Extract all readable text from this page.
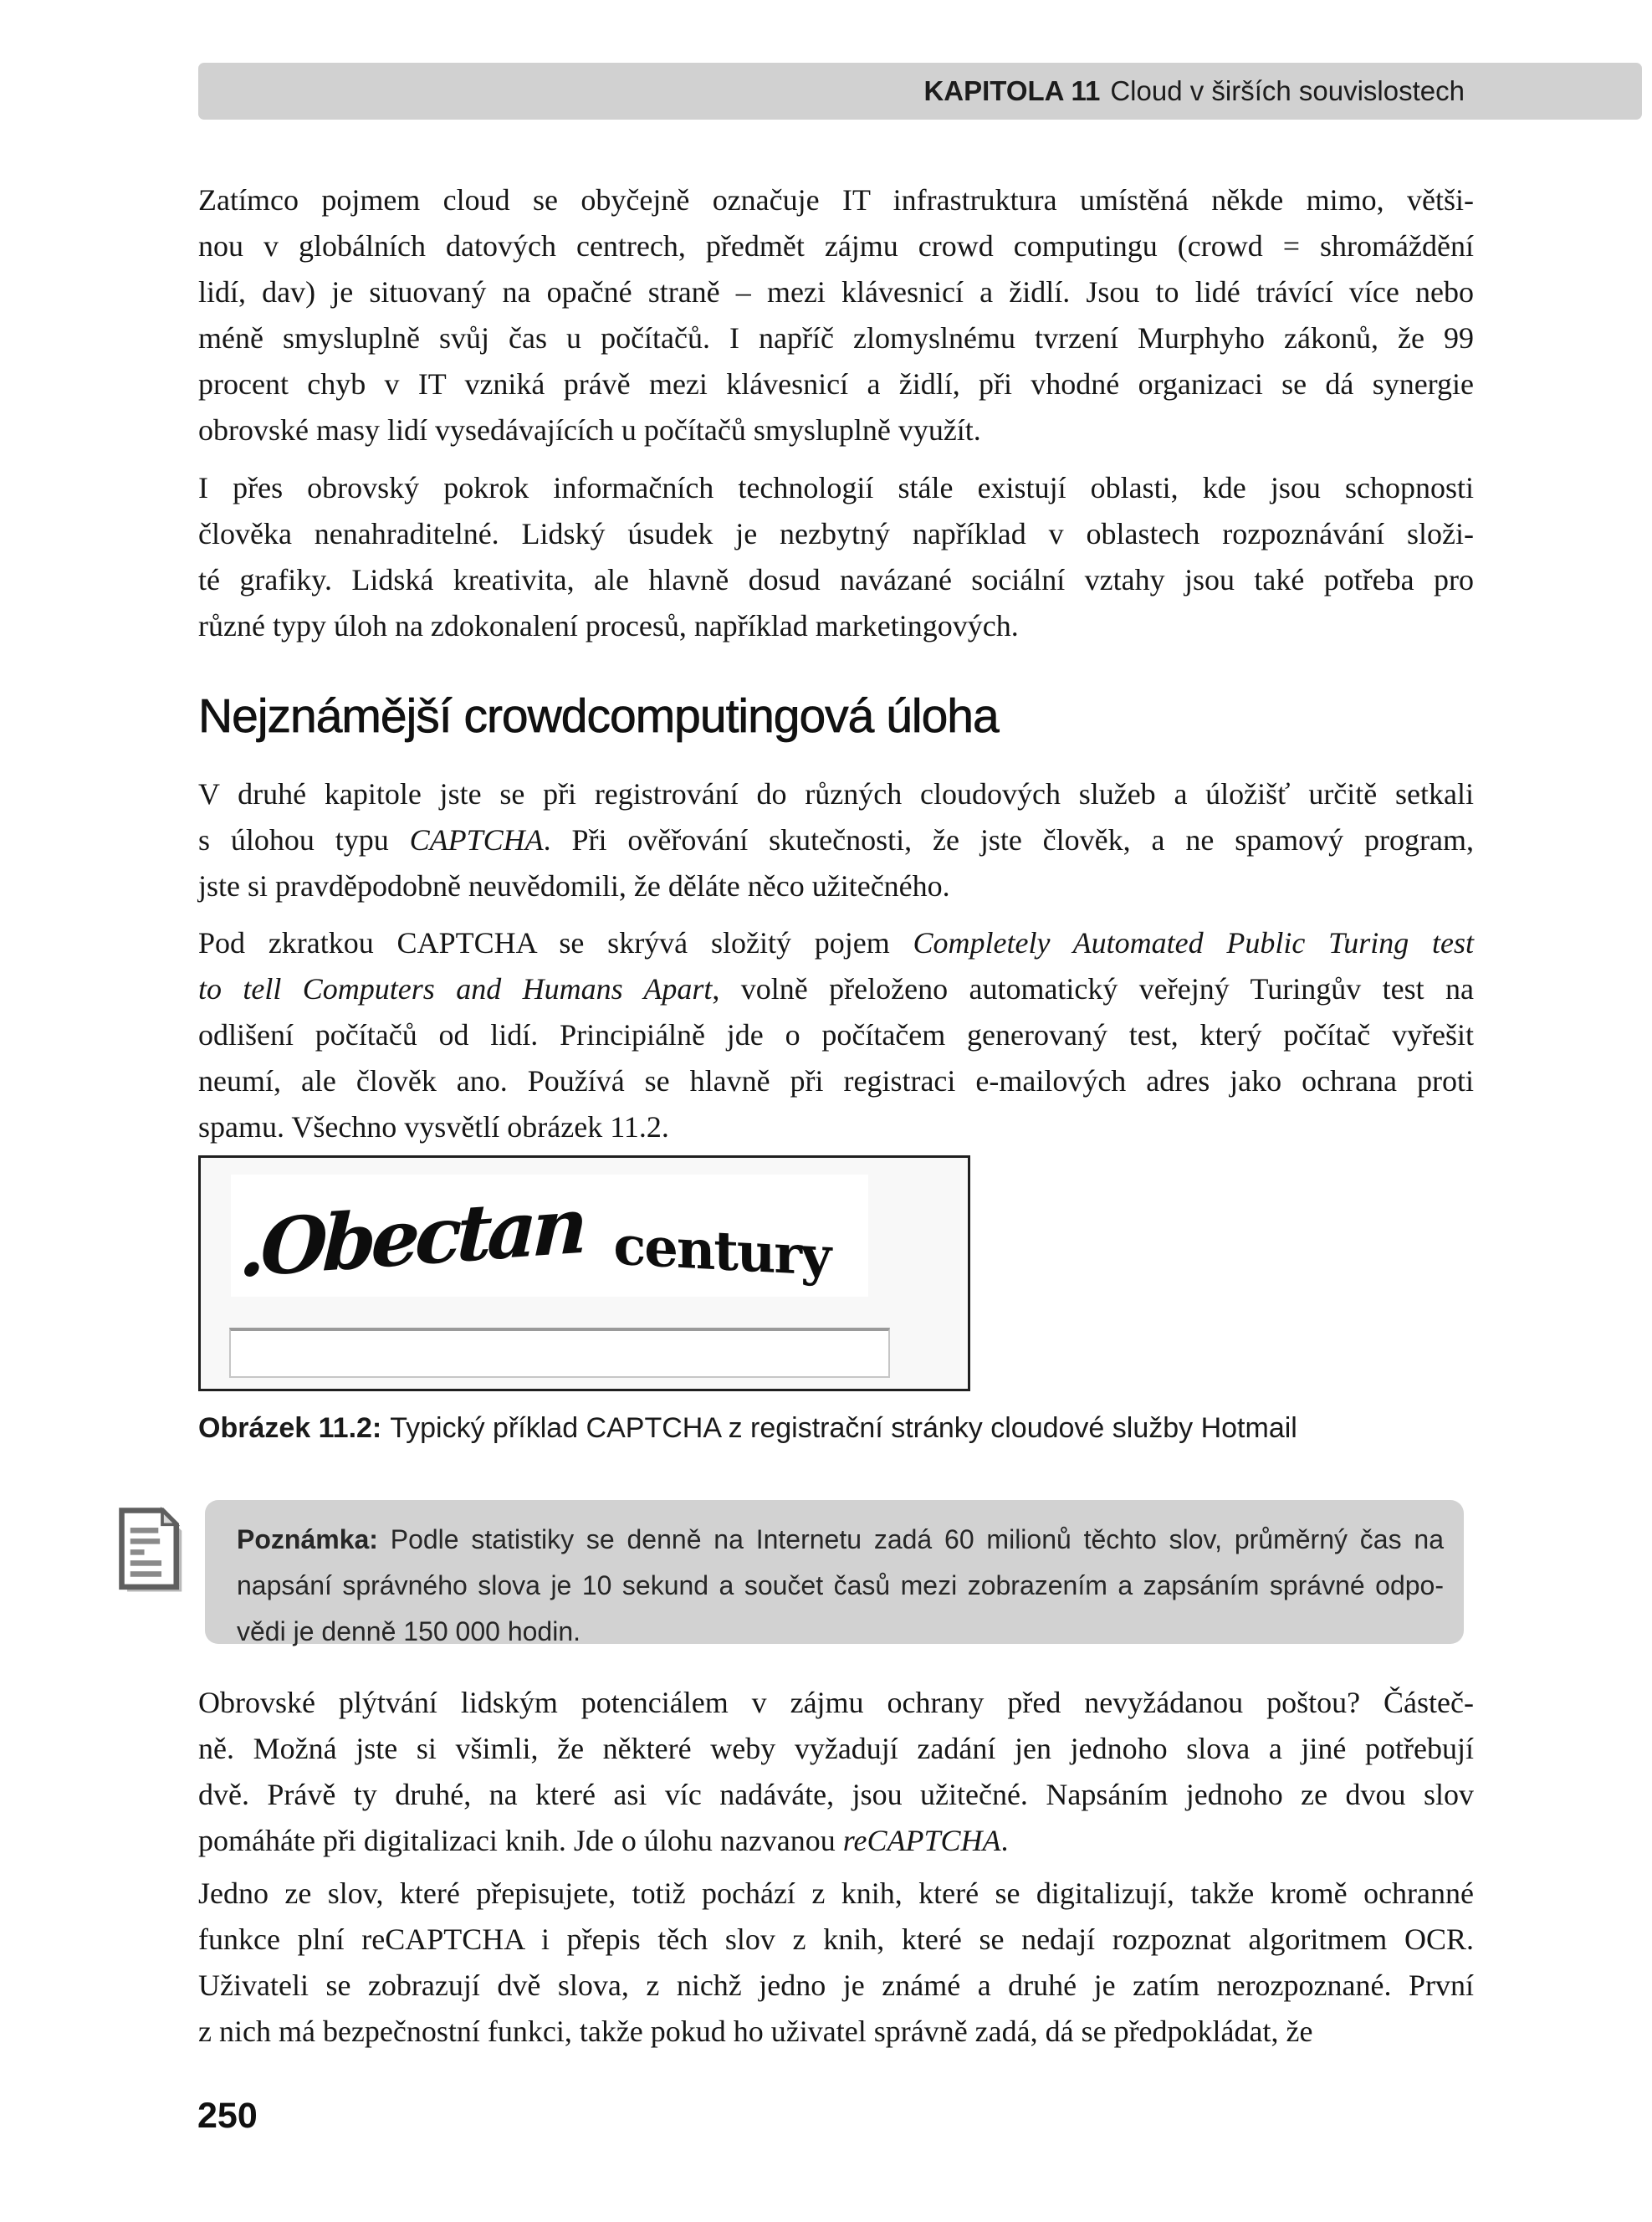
KAPITOLA 11 Cloud v širších souvislostech
Zatímco pojmem cloud se obyčejně označuje IT infrastruktura umístěná někde mimo, větši-
nou v globálních datových centrech, předmět zájmu crowd computingu (crowd = shromáždění
lidí, dav) je situovaný na opačné straně – mezi klávesnicí a židlí. Jsou to lidé trávící více nebo
méně smysluplně svůj čas u počítačů. I napříč zlomyslnému tvrzení Murphyho zákonů, že 99
procent chyb v IT vzniká právě mezi klávesnicí a židlí, při vhodné organizaci se dá synergie
obrovské masy lidí vysedávajících u počítačů smysluplně využít.
I přes obrovský pokrok informačních technologií stále existují oblasti, kde jsou schopnosti
člověka nenahraditelné. Lidský úsudek je nezbytný například v oblastech rozpoznávání složi-
té grafiky. Lidská kreativita, ale hlavně dosud navázané sociální vztahy jsou také potřeba pro
různé typy úloh na zdokonalení procesů, například marketingových.
Nejznámější crowdcomputingová úloha
V druhé kapitole jste se při registrování do různých cloudových služeb a úložišť určitě setkali
s úlohou typu CAPTCHA. Při ověřování skutečnosti, že jste člověk, a ne spamový program,
jste si pravděpodobně neuvědomili, že děláte něco užitečného.
Pod zkratkou CAPTCHA se skrývá složitý pojem Completely Automated Public Turing test
to tell Computers and Humans Apart, volně přeloženo automatický veřejný Turingův test na
odlišení počítačů od lidí. Principiálně jde o počítačem generovaný test, který počítač vyřešit
neumí, ale člověk ano. Používá se hlavně při registraci e-mailových adres jako ochrana proti
spamu. Všechno vysvětlí obrázek 11.2.
.Obectan century
Obrázek 11.2: Typický příklad CAPTCHA z registrační stránky cloudové služby Hotmail
Poznámka: Podle statistiky se denně na Internetu zadá 60 milionů těchto slov, průměrný čas na
napsání správného slova je 10 sekund a součet časů mezi zobrazením a zapsáním správné odpo-
vědi je denně 150 000 hodin.
Obrovské plýtvání lidským potenciálem v zájmu ochrany před nevyžádanou poštou? Částeč-
ně. Možná jste si všimli, že některé weby vyžadují zadání jen jednoho slova a jiné potřebují
dvě. Právě ty druhé, na které asi víc nadáváte, jsou užitečné. Napsáním jednoho ze dvou slov
pomáháte při digitalizaci knih. Jde o úlohu nazvanou reCAPTCHA.
Jedno ze slov, které přepisujete, totiž pochází z knih, které se digitalizují, takže kromě ochranné
funkce plní reCAPTCHA i přepis těch slov z knih, které se nedají rozpoznat algoritmem OCR.
Uživateli se zobrazují dvě slova, z nichž jedno je známé a druhé je zatím nerozpoznané. První
z nich má bezpečnostní funkci, takže pokud ho uživatel správně zadá, dá se předpokládat, že
250
